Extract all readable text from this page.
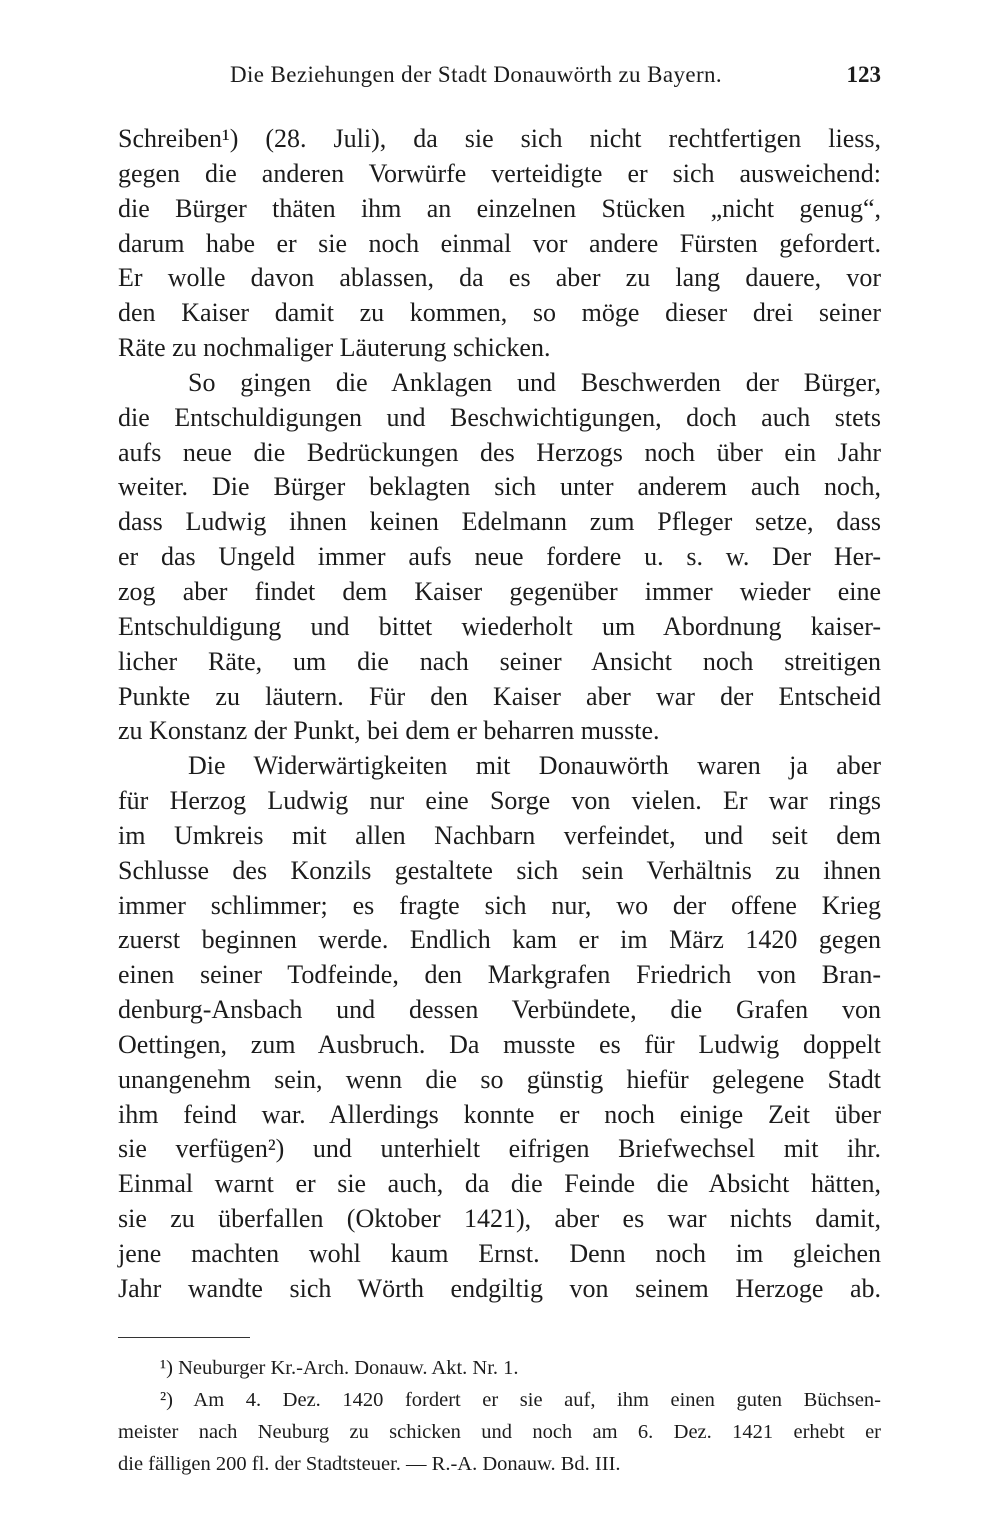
Die Beziehungen der Stadt Donauwörth zu Bayern.	123
Schreiben¹) (28. Juli), da sie sich nicht rechtfertigen liess,
gegen die anderen Vorwürfe verteidigte er sich ausweichend:
die Bürger thäten ihm an einzelnen Stücken „nicht genug“,
darum habe er sie noch einmal vor andere Fürsten gefordert.
Er wolle davon ablassen, da es aber zu lang dauere, vor
den Kaiser damit zu kommen, so möge dieser drei seiner
Räte zu nochmaliger Läuterung schicken.
So gingen die Anklagen und Beschwerden der Bürger,
die Entschuldigungen und Beschwichtigungen, doch auch stets
aufs neue die Bedrückungen des Herzogs noch über ein Jahr
weiter. Die Bürger beklagten sich unter anderem auch noch,
dass Ludwig ihnen keinen Edelmann zum Pfleger setze, dass
er das Ungeld immer aufs neue fordere u. s. w. Der Her-
zog aber findet dem Kaiser gegenüber immer wieder eine
Entschuldigung und bittet wiederholt um Abordnung kaiser-
licher Räte, um die nach seiner Ansicht noch streitigen
Punkte zu läutern. Für den Kaiser aber war der Entscheid
zu Konstanz der Punkt, bei dem er beharren musste.
Die Widerwärtigkeiten mit Donauwörth waren ja aber
für Herzog Ludwig nur eine Sorge von vielen. Er war rings
im Umkreis mit allen Nachbarn verfeindet, und seit dem
Schlusse des Konzils gestaltete sich sein Verhältnis zu ihnen
immer schlimmer; es fragte sich nur, wo der offene Krieg
zuerst beginnen werde. Endlich kam er im März 1420 gegen
einen seiner Todfeinde, den Markgrafen Friedrich von Bran-
denburg-Ansbach und dessen Verbündete, die Grafen von
Oettingen, zum Ausbruch. Da musste es für Ludwig doppelt
unangenehm sein, wenn die so günstig hiefür gelegene Stadt
ihm feind war. Allerdings konnte er noch einige Zeit über
sie verfügen²) und unterhielt eifrigen Briefwechsel mit ihr.
Einmal warnt er sie auch, da die Feinde die Absicht hätten,
sie zu überfallen (Oktober 1421), aber es war nichts damit,
jene machten wohl kaum Ernst. Denn noch im gleichen
Jahr wandte sich Wörth endgiltig von seinem Herzoge ab.
¹) Neuburger Kr.-Arch. Donauw. Akt. Nr. 1.
²) Am 4. Dez. 1420 fordert er sie auf, ihm einen guten Büchsen-
meister nach Neuburg zu schicken und noch am 6. Dez. 1421 erhebt er
die fälligen 200 fl. der Stadtsteuer. — R.-A. Donauw. Bd. III.
